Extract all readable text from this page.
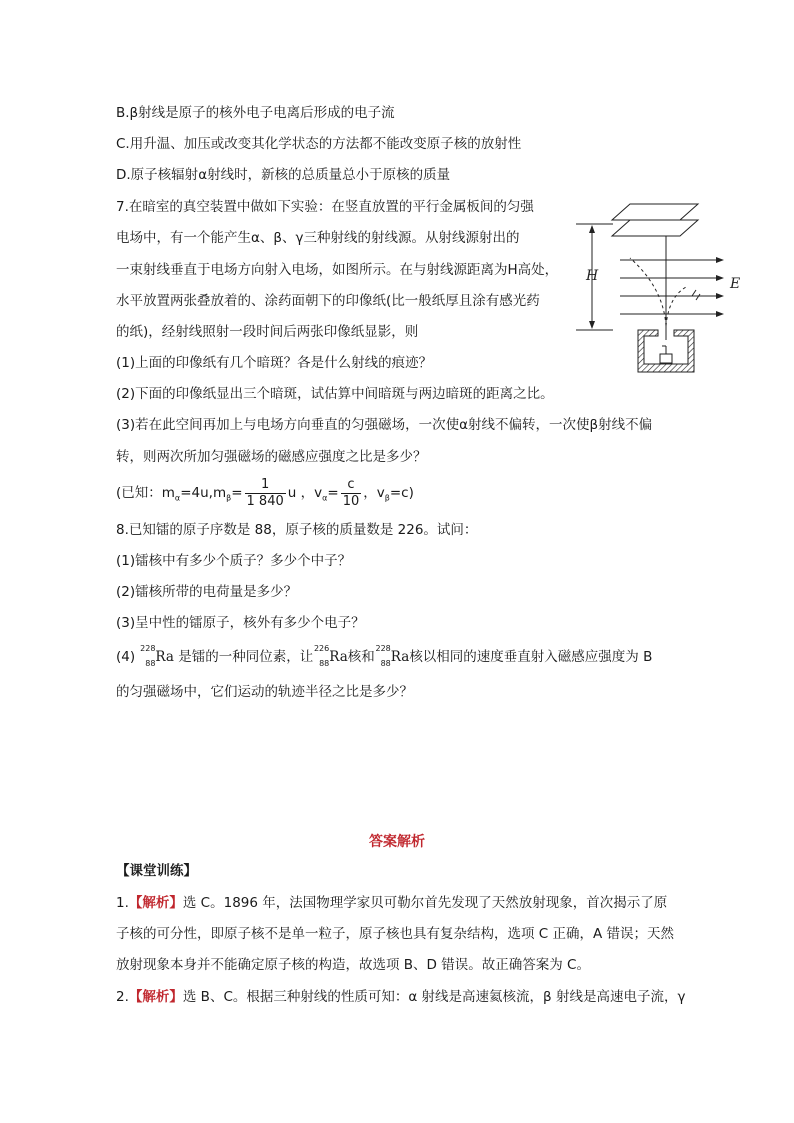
B.β射线是原子的核外电子电离后形成的电子流
C.用升温、加压或改变其化学状态的方法都不能改变原子核的放射性
D.原子核辐射α射线时，新核的总质量总小于原核的质量
7.在暗室的真空装置中做如下实验：在竖直放置的平行金属板间的匀强
电场中，有一个能产生α、β、γ三种射线的射线源。从射线源射出的
一束射线垂直于电场方向射入电场，如图所示。在与射线源距离为H高处，
水平放置两张叠放着的、涂药面朝下的印像纸(比一般纸厚且涂有感光药
的纸)，经射线照射一段时间后两张印像纸显影，则
H	E
(1)上面的印像纸有几个暗斑？各是什么射线的痕迹？
(2)下面的印像纸显出三个暗斑，试估算中间暗斑与两边暗斑的距离之比。
(3)若在此空间再加上与电场方向垂直的匀强磁场，一次使α射线不偏转，一次使β射线不偏
转，则两次所加匀强磁场的磁感应强度之比是多少？
(已知：$m_\alpha=4u,m_\beta= \frac{1}{1 840}$ u ，$v_\alpha= \frac{c}{10}$ ，$v_\beta=c$)
8.已知镭的原子序数是 88，原子核的质量数是 226。试问：
(1)镭核中有多少个质子？多少个中子？
(2)镭核所带的电荷量是多少？
(3)呈中性的镭原子，核外有多少个电子？
(4)
228
88 Ra 是镭的一种同位素，让
226
88 Ra核和
228
88 Ra核以相同的速度垂直射入磁感应强度为 B
的匀强磁场中，它们运动的轨迹半径之比是多少？
答案解析
【课堂训练】
1.【解析】选 C。1896 年，法国物理学家贝可勒尔首先发现了天然放射现象，首次揭示了原
子核的可分性，即原子核不是单一粒子，原子核也具有复杂结构，选项 C 正确，A 错误；天然
放射现象本身并不能确定原子核的构造，故选项 B、D 错误。故正确答案为 C。
2.【解析】选 B、C。根据三种射线的性质可知：α 射线是高速氦核流，β 射线是高速电子流，γ
